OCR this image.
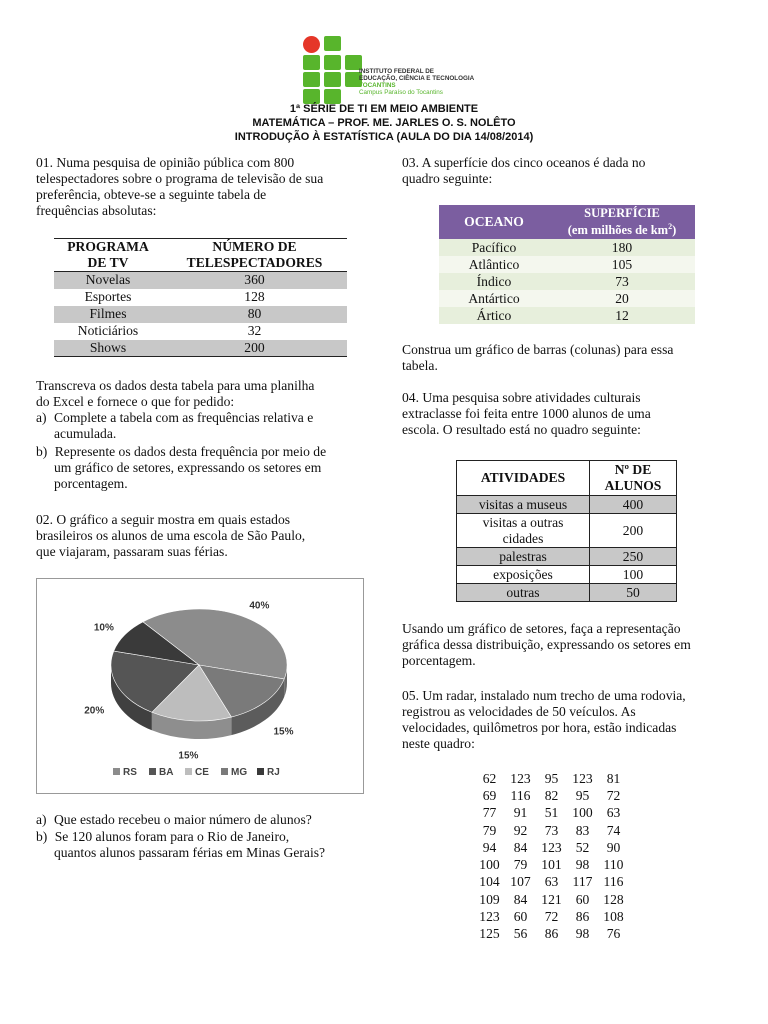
INSTITUTO FEDERAL DE
EDUCAÇÃO, CIÊNCIA E TECNOLOGIA
TOCANTINS
Campus Paraíso do Tocantins
1ª SÉRIE DE TI EM MEIO AMBIENTE
MATEMÁTICA – PROF. ME. JARLES O. S. NOLÊTO
INTRODUÇÃO À ESTATÍSTICA (AULA DO DIA 14/08/2014)

01. Numa pesquisa de opinião pública com 800

telespectadores sobre o programa de televisão de sua

preferência, obteve-se a seguinte tabela de

frequências absolutas:

PROGRAMA
DE TV	NÚMERO DE
TELESPECTADORES
Novelas	360
Esportes	128
Filmes	80
Noticiários	32
Shows	200

Transcreva os dados desta tabela para uma planilha

do Excel e fornece o que for pedido:

a) Complete a tabela com as frequências relativa e

acumulada.

b) Represente os dados desta frequência por meio de

um gráfico de setores, expressando os setores em

porcentagem.

02. O gráfico a seguir mostra em quais estados

brasileiros os alunos de uma escola de São Paulo,

que viajaram, passaram suas férias.

40%
15%
15%
20%
10%
RS BA CE MG RJ

a) Que estado recebeu o maior número de alunos?

b) Se 120 alunos foram para o Rio de Janeiro,

quantos alunos passaram férias em Minas Gerais?

03. A superfície dos cinco oceanos é dada no

quadro seguinte:

OCEANO	SUPERFÍCIE
(em milhões de $km^2$)
Pacífico	180
Atlântico	105
Índico	73
Antártico	20
Ártico	12

Construa um gráfico de barras (colunas) para essa

tabela.

04. Uma pesquisa sobre atividades culturais

extraclasse foi feita entre 1000 alunos de uma

escola. O resultado está no quadro seguinte:

ATIVIDADES	Nº DE
ALUNOS
visitas a museus	400
visitas a outras
cidades	200
palestras	250
exposições	100
outras	50

Usando um gráfico de setores, faça a representação

gráfica dessa distribuição, expressando os setores em

porcentagem.

05. Um radar, instalado num trecho de uma rodovia,

registrou as velocidades de 50 veículos. As

velocidades, quilômetros por hora, estão indicadas

neste quadro:

62	123	95	123	81
69	116	82	95	72
77	91	51	100	63
79	92	73	83	74
94	84	123	52	90
100	79	101	98	110
104	107	63	117	116
109	84	121	60	128
123	60	72	86	108
125	56	86	98	76
